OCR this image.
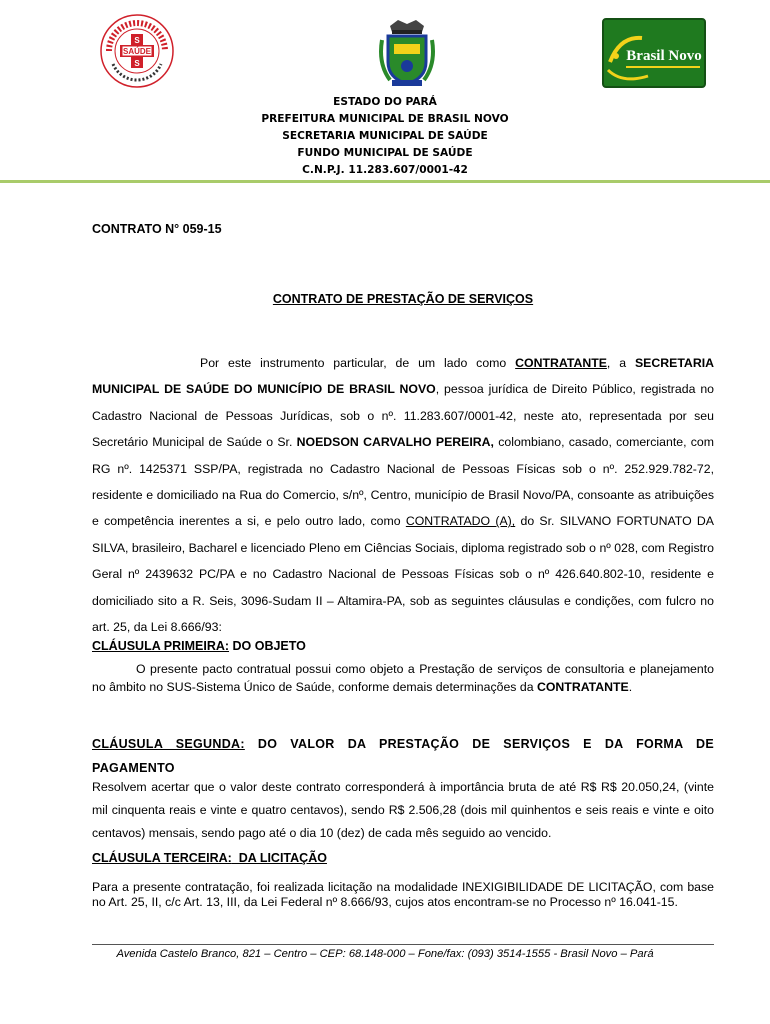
SAÚDE
S
S	Brasil Novo
ESTADO DO PARÁ
PREFEITURA MUNICIPAL DE BRASIL NOVO
SECRETARIA MUNICIPAL DE SAÚDE
FUNDO MUNICIPAL DE SAÚDE
C.N.P.J. 11.283.607/0001-42
CONTRATO N° 059-15
CONTRATO DE PRESTAÇÃO DE SERVIÇOS
Por este instrumento particular, de um lado como CONTRATANTE, a SECRETARIA MUNICIPAL DE SAÚDE DO MUNICÍPIO DE BRASIL NOVO, pessoa jurídica de Direito Público, registrada no Cadastro Nacional de Pessoas Jurídicas, sob o nº. 11.283.607/0001-42, neste ato, representada por seu Secretário Municipal de Saúde o Sr. NOEDSON CARVALHO PEREIRA, colombiano, casado, comerciante, com RG nº. 1425371 SSP/PA, registrada no Cadastro Nacional de Pessoas Físicas sob o nº. 252.929.782-72, residente e domiciliado na Rua do Comercio, s/nº, Centro, município de Brasil Novo/PA, consoante as atribuições e competência inerentes a si, e pelo outro lado, como CONTRATADO (A), do Sr. SILVANO FORTUNATO DA SILVA, brasileiro, Bacharel e licenciado Pleno em Ciências Sociais, diploma registrado sob o nº 028, com Registro Geral nº 2439632 PC/PA e no Cadastro Nacional de Pessoas Físicas sob o nº 426.640.802-10, residente e domiciliado sito a R. Seis, 3096-Sudam II – Altamira-PA, sob as seguintes cláusulas e condições, com fulcro no art. 25, da Lei 8.666/93:
CLÁUSULA PRIMEIRA: DO OBJETO
O presente pacto contratual possui como objeto a Prestação de serviços de consultoria e planejamento no âmbito no SUS-Sistema Único de Saúde, conforme demais determinações da CONTRATANTE.
CLÁUSULA SEGUNDA: DO VALOR DA PRESTAÇÃO DE SERVIÇOS E DA FORMA DE PAGAMENTO
Resolvem acertar que o valor deste contrato corresponderá à importância bruta de até R$ R$ 20.050,24, (vinte mil cinquenta reais e vinte e quatro centavos), sendo R$ 2.506,28 (dois mil quinhentos e seis reais e vinte e oito centavos) mensais, sendo pago até o dia 10 (dez) de cada mês seguido ao vencido.
CLÁUSULA TERCEIRA:  DA LICITAÇÃO
Para a presente contratação, foi realizada licitação na modalidade INEXIGIBILIDADE DE LICITAÇÃO, com base no Art. 25, II, c/c Art. 13, III, da Lei Federal nº 8.666/93, cujos atos encontram-se no Processo nº 16.041-15.
Avenida Castelo Branco, 821 – Centro – CEP: 68.148-000 – Fone/fax: (093) 3514-1555 - Brasil Novo – Pará
